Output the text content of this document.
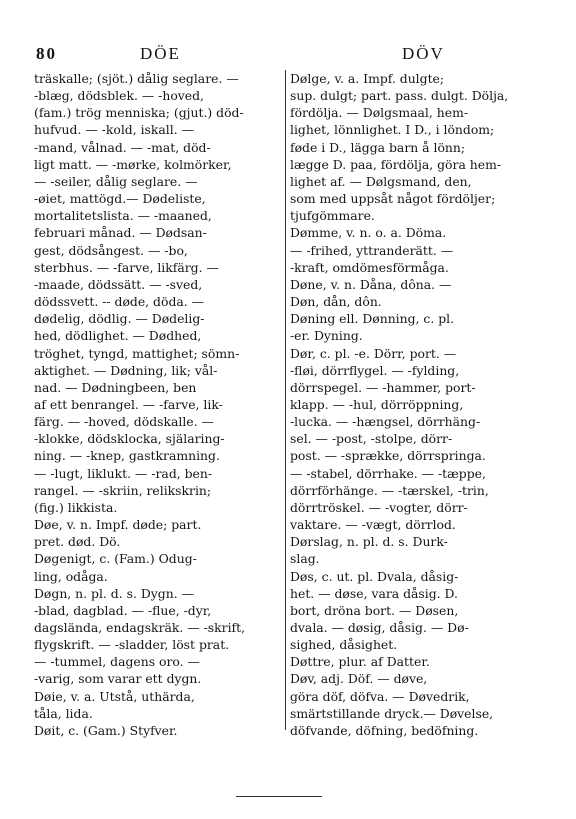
80	DÖE	DÖV

träskalle; (sjöt.) dålig seglare. —

-blæg, dödsblek. — -hoved,

(fam.) trög menniska; (gjut.) död-

hufvud. — -kold, iskall. —

-mand, vålnad. — -mat, död-

ligt matt. — -mørke, kolmörker,

— -seiler, dålig seglare. —

-øiet, mattögd.— Dødeliste,

mortalitetslista. — -maaned,

februari månad. — Dødsan-

gest, dödsångest. — -bo,

sterbhus. — -farve, likfärg. —

-maade, dödssätt. — -sved,

dödssvett. -- døde, döda. —

dødelig, dödlig. — Dødelig-

hed, dödlighet. — Dødhed,

tröghet, tyngd, mattighet; sömn-

aktighet. — Dødning, lik; vål-

nad. — Dødningbeen, ben

af ett benrangel. — -farve, lik-

färg. — -hoved, dödskalle. —

-klokke, dödsklocka, själaring-

ning. — -knep, gastkramning.

— -lugt, liklukt. — -rad, ben-

rangel. — -skriin, relikskrin;

(fig.) likkista.

Døe, v. n. Impf. døde; part.

pret. død. Dö.

Døgenigt, c. (Fam.) Odug-

ling, odåga.

Døgn, n. pl. d. s. Dygn. —

-blad, dagblad. — -flue, -dyr,

dagslända, endagskräk. — -skrift,

flygskrift. — -sladder, löst prat.

— -tummel, dagens oro. —

-varig, som varar ett dygn.

Døie, v. a. Utstå, uthärda,

tåla, lida.

Døit, c. (Gam.) Styfver.

Dølge, v. a. Impf. dulgte;

sup. dulgt; part. pass. dulgt. Dölja,

fördölja. — Dølgsmaal, hem-

lighet, lönnlighet. I D., i löndom;

føde i D., lägga barn å lönn;

lægge D. paa, fördölja, göra hem-

lighet af. — Dølgsmand, den,

som med uppsåt något fördöljer;

tjufgömmare.

Dømme, v. n. o. a. Döma.

— -frihed, yttranderätt. —

-kraft, omdömesförmåga.

Døne, v. n. Dåna, dôna. —

Døn, dån, dôn.

Døning ell. Dønning, c. pl.

-er. Dyning.

Dør, c. pl. -e. Dörr, port. —

-fløi, dörrflygel. — -fylding,

dörrspegel. — -hammer, port-

klapp. — -hul, dörröppning,

-lucka. — -hængsel, dörrhäng-

sel. — -post, -stolpe, dörr-

post. — -sprække, dörrspringa.

— -stabel, dörrhake. — -tæppe,

dörrförhänge. — -tærskel, -trin,

dörrtröskel. — -vogter, dörr-

vaktare. — -vægt, dörrlod.

Dørslag, n. pl. d. s. Durk-

slag.

Døs, c. ut. pl. Dvala, dåsig-

het. — døse, vara dåsig. D.

bort, dröna bort. — Døsen,

dvala. — døsig, dåsig. — Dø-

sighed, dåsighet.

Døttre, plur. af Datter.

Døv, adj. Döf. — døve,

göra döf, döfva. — Døvedrik,

smärtstillande dryck.— Døvelse,

döfvande, döfning, bedöfning.
